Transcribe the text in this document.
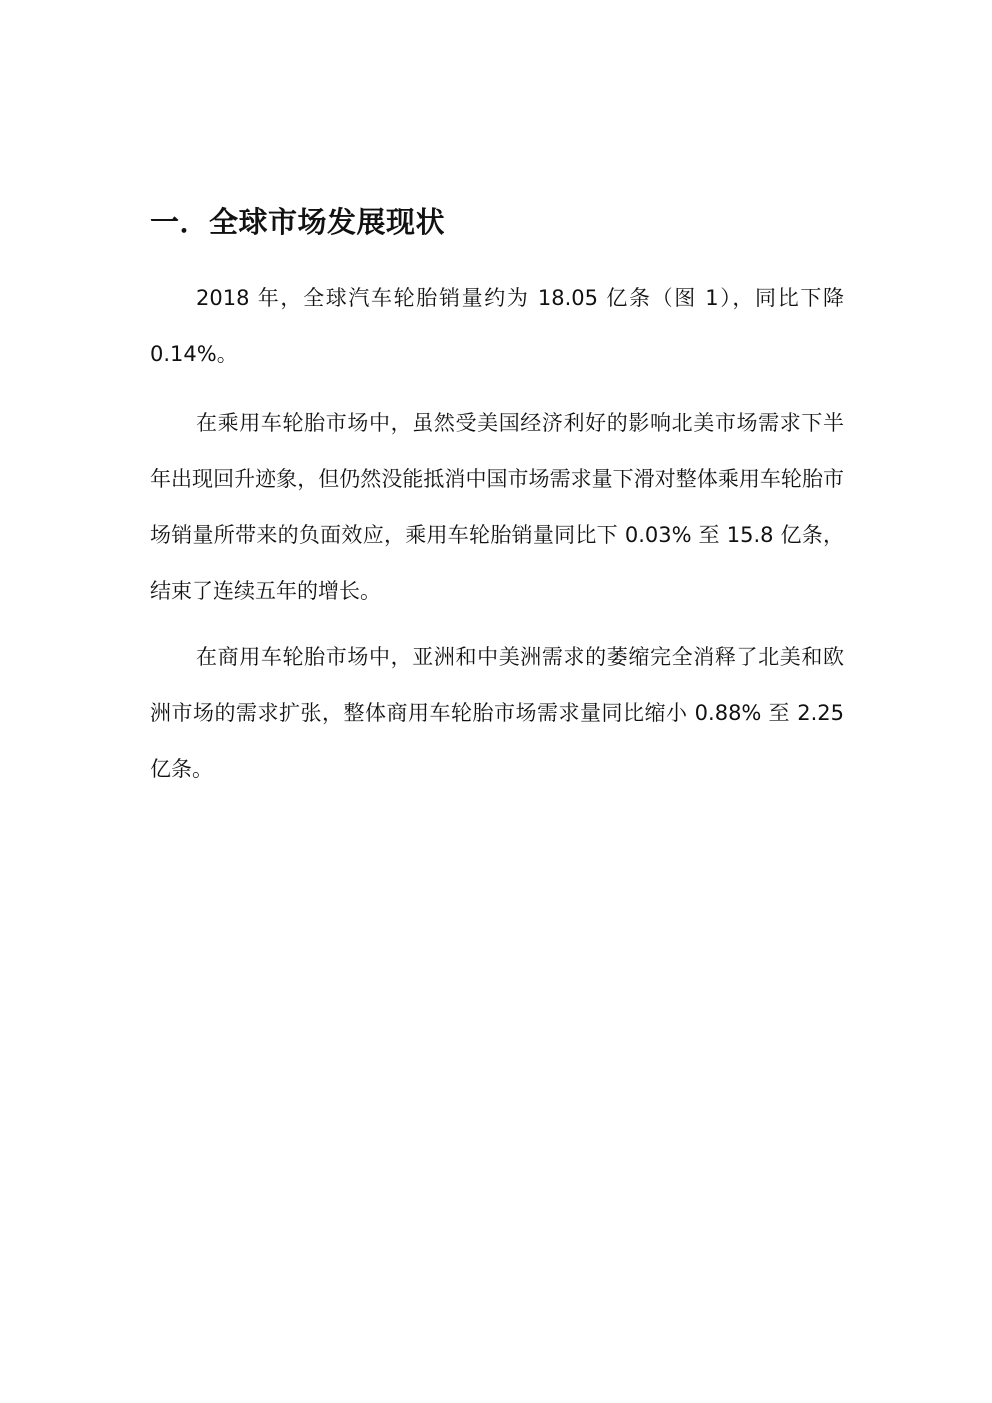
一．全球市场发展现状

2018 年，全球汽车轮胎销量约为 18.05 亿条（图 1），同比下降 0.14%。

在乘用车轮胎市场中，虽然受美国经济利好的影响北美市场需求下半年出现回升迹象，但仍然没能抵消中国市场需求量下滑对整体乘用车轮胎市场销量所带来的负面效应，乘用车轮胎销量同比下 0.03% 至 15.8 亿条，结束了连续五年的增长。

在商用车轮胎市场中，亚洲和中美洲需求的萎缩完全消释了北美和欧洲市场的需求扩张，整体商用车轮胎市场需求量同比缩小 0.88% 至 2.25 亿条。
